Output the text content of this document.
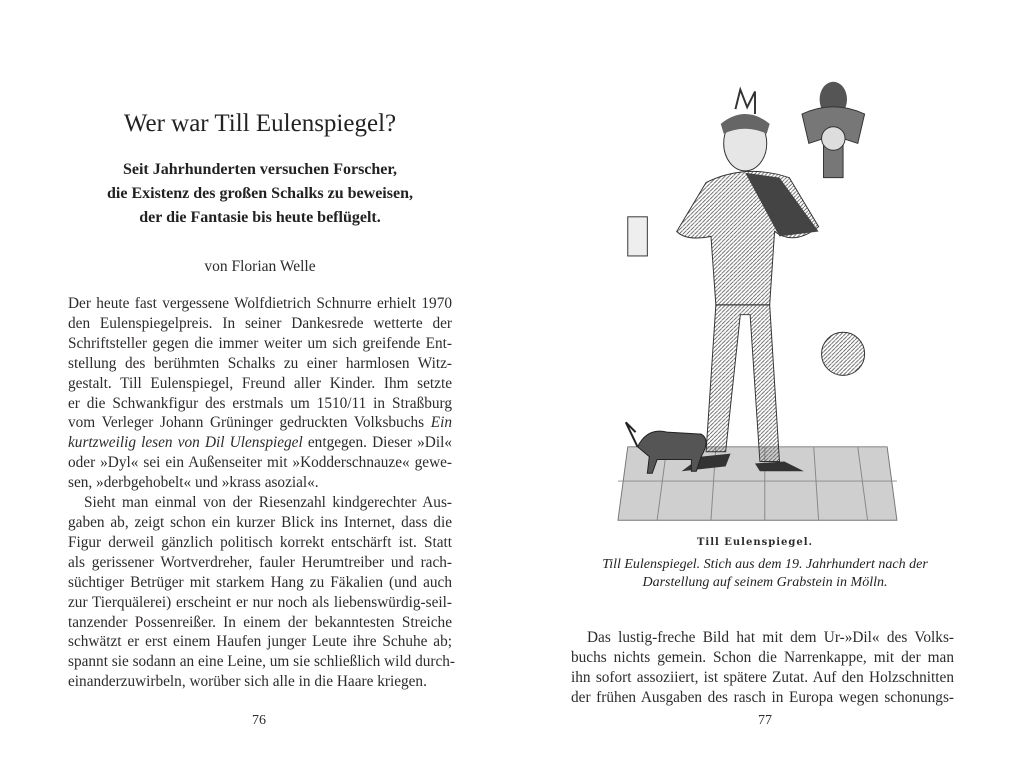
Wer war Till Eulenspiegel?
Seit Jahrhunderten versuchen Forscher,
die Existenz des großen Schalks zu beweisen,
der die Fantasie bis heute beflügelt.
von Florian Welle
Der heute fast vergessene Wolfdietrich Schnurre erhielt 1970
den Eulenspiegelpreis. In seiner Dankesrede wetterte der
Schriftsteller gegen die immer weiter um sich greifende Ent-
stellung des berühmten Schalks zu einer harmlosen Witz-
gestalt. Till Eulenspiegel, Freund aller Kinder. Ihm setzte
er die Schwankfigur des erstmals um 1510/11 in Straßburg
vom Verleger Johann Grüninger gedruckten Volksbuchs Ein
kurtzweilig lesen von Dil Ulenspiegel entgegen. Dieser »Dil«
oder »Dyl« sei ein Außenseiter mit »Kodderschnauze« gewe-
sen, »derbgehobelt« und »krass asozial«.
Sieht man einmal von der Riesenzahl kindgerechter Aus-
gaben ab, zeigt schon ein kurzer Blick ins Internet, dass die
Figur derweil gänzlich politisch korrekt entschärft ist. Statt
als gerissener Wortverdreher, fauler Herumtreiber und rach-
süchtiger Betrüger mit starkem Hang zu Fäkalien (und auch
zur Tierquälerei) erscheint er nur noch als liebenswürdig-seil-
tanzender Possenreißer. In einem der bekanntesten Streiche
schwätzt er erst einem Haufen junger Leute ihre Schuhe ab;
spannt sie sodann an eine Leine, um sie schließlich wild durch-
einanderzuwirbeln, worüber sich alle in die Haare kriegen.
76
Till Eulenspiegel.
Till Eulenspiegel. Stich aus dem 19. Jahrhundert nach der
Darstellung auf seinem Grabstein in Mölln.
Das lustig-freche Bild hat mit dem Ur-»Dil« des Volks-
buchs nichts gemein. Schon die Narrenkappe, mit der man
ihn sofort assoziiert, ist spätere Zutat. Auf den Holzschnitten
der frühen Ausgaben des rasch in Europa wegen schonungs-
77
